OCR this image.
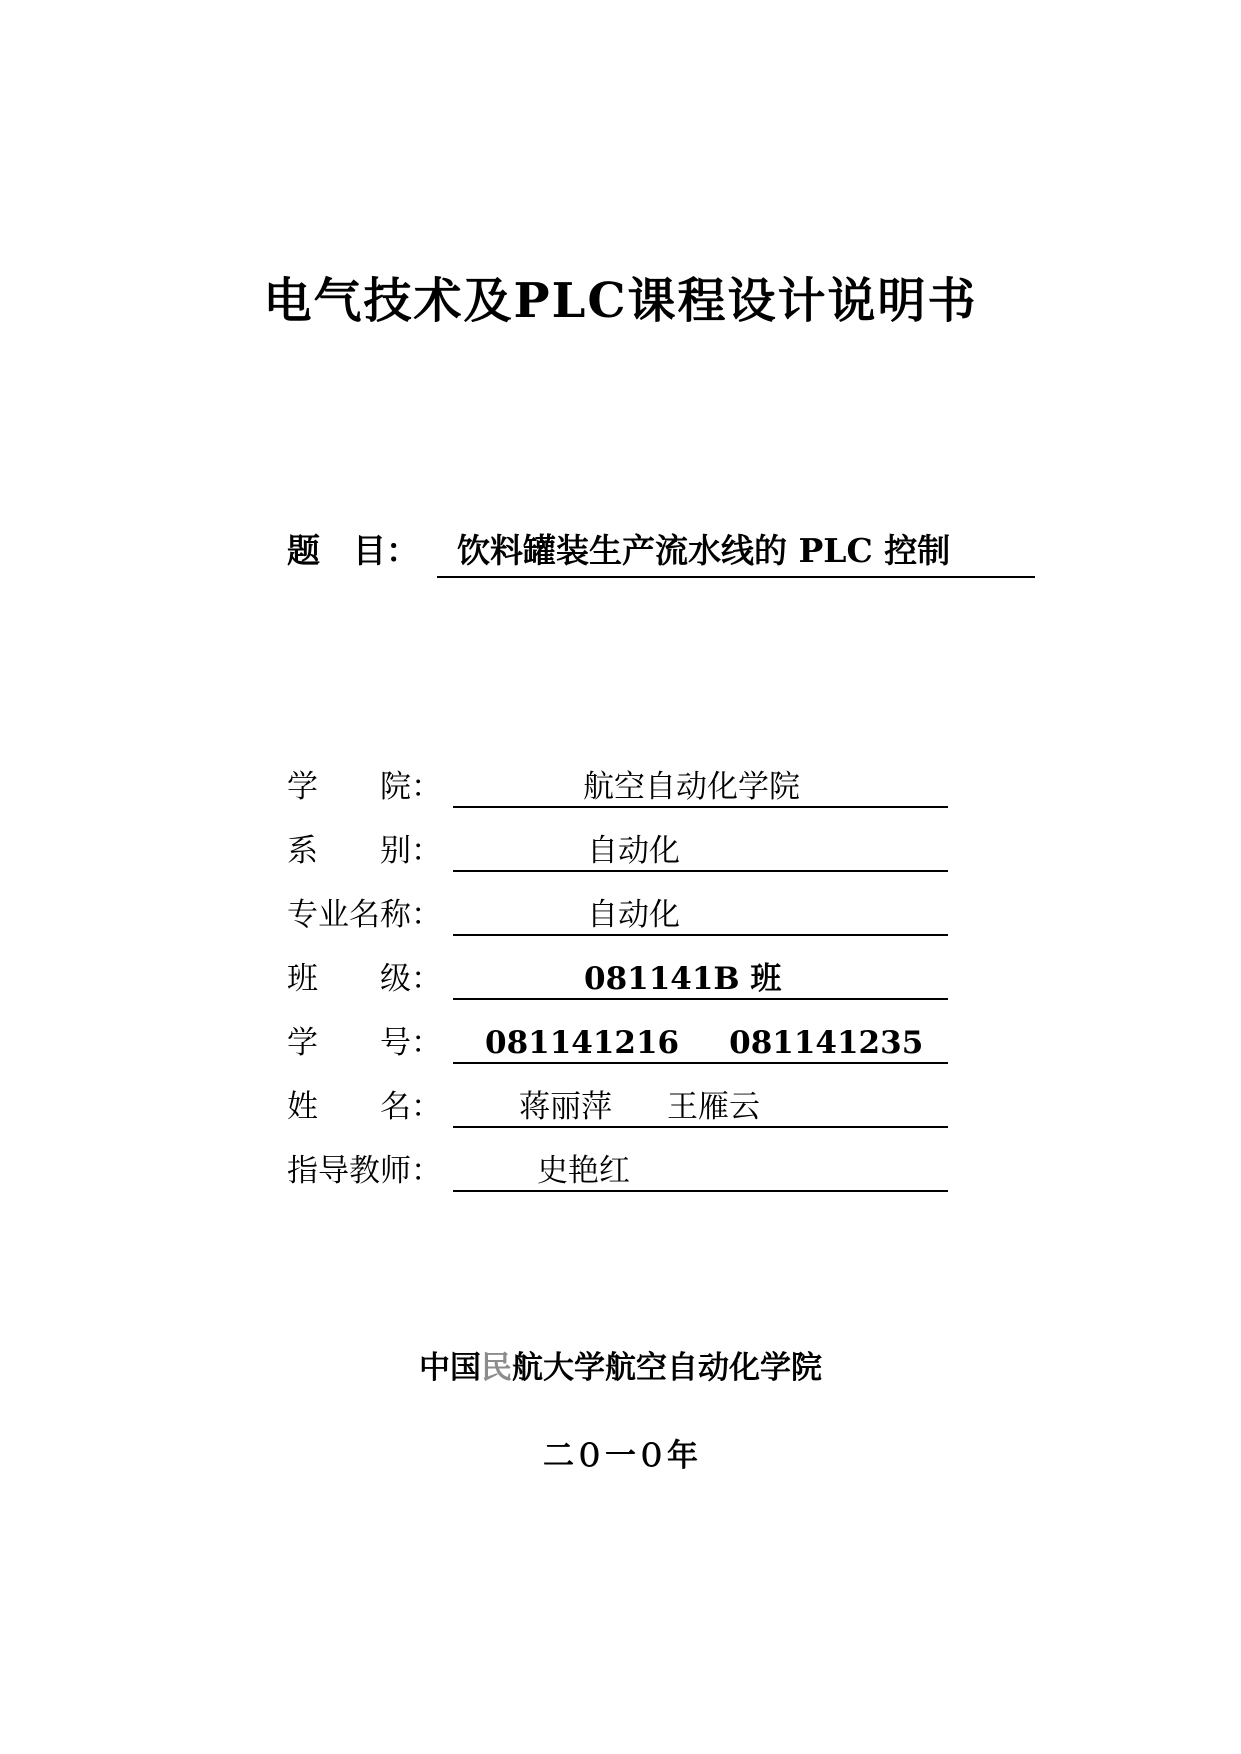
电气技术及PLC课程设计说明书
题　目： 饮料罐装生产流水线的 PLC 控制
学　　院：	航空自动化学院
系　　别：	自动化
专业名称：	自动化
班　　级：	081141B 班
学　　号： 081141216 081141235
姓　　名： 蒋丽萍 王雁云
指导教师：	史艳红
中国民航大学航空自动化学院
二０一０年
